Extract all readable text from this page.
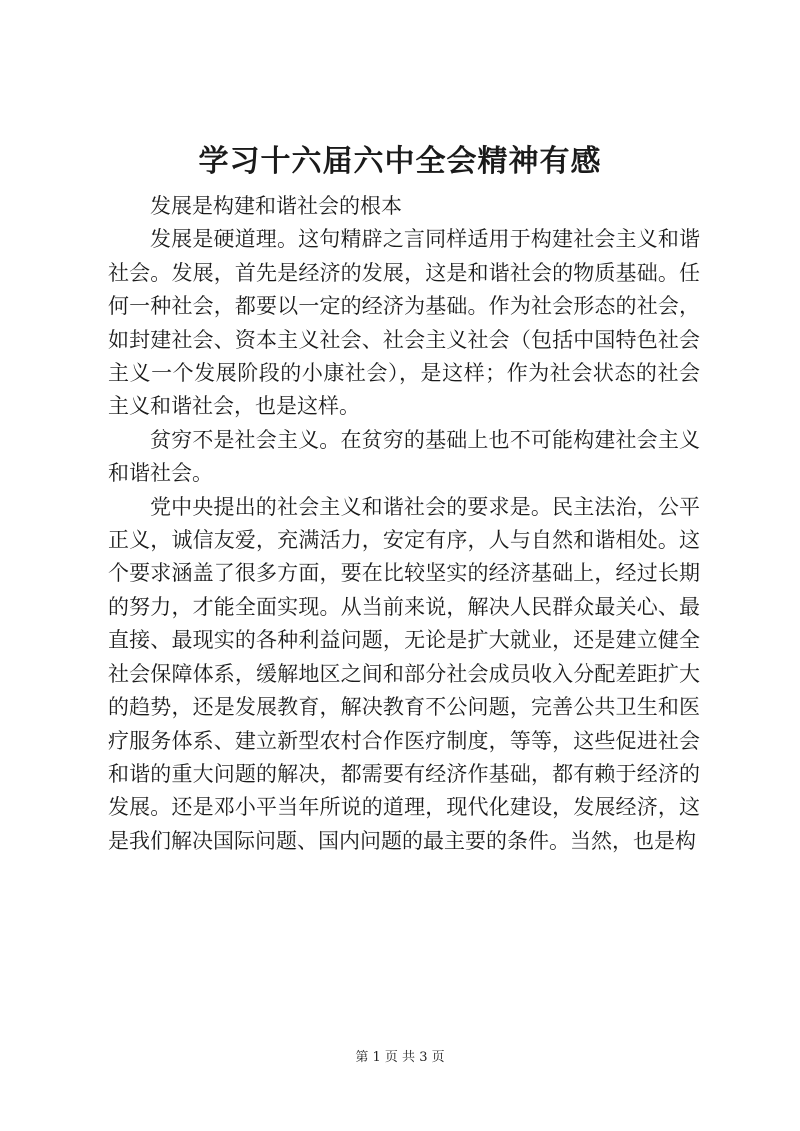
学习十六届六中全会精神有感

发展是构建和谐社会的根本

发展是硬道理。这句精辟之言同样适用于构建社会主义和谐社会。发展，首先是经济的发展，这是和谐社会的物质基础。任何一种社会，都要以一定的经济为基础。作为社会形态的社会，如封建社会、资本主义社会、社会主义社会（包括中国特色社会主义一个发展阶段的小康社会），是这样；作为社会状态的社会主义和谐社会，也是这样。

贫穷不是社会主义。在贫穷的基础上也不可能构建社会主义和谐社会。

党中央提出的社会主义和谐社会的要求是。民主法治，公平正义，诚信友爱，充满活力，安定有序，人与自然和谐相处。这个要求涵盖了很多方面，要在比较坚实的经济基础上，经过长期的努力，才能全面实现。从当前来说，解决人民群众最关心、最直接、最现实的各种利益问题，无论是扩大就业，还是建立健全社会保障体系，缓解地区之间和部分社会成员收入分配差距扩大的趋势，还是发展教育，解决教育不公问题，完善公共卫生和医疗服务体系、建立新型农村合作医疗制度，等等，这些促进社会和谐的重大问题的解决，都需要有经济作基础，都有赖于经济的发展。还是邓小平当年所说的道理，现代化建设，发展经济，这是我们解决国际问题、国内问题的最主要的条件。当然，也是构

第 1 页 共 3 页
